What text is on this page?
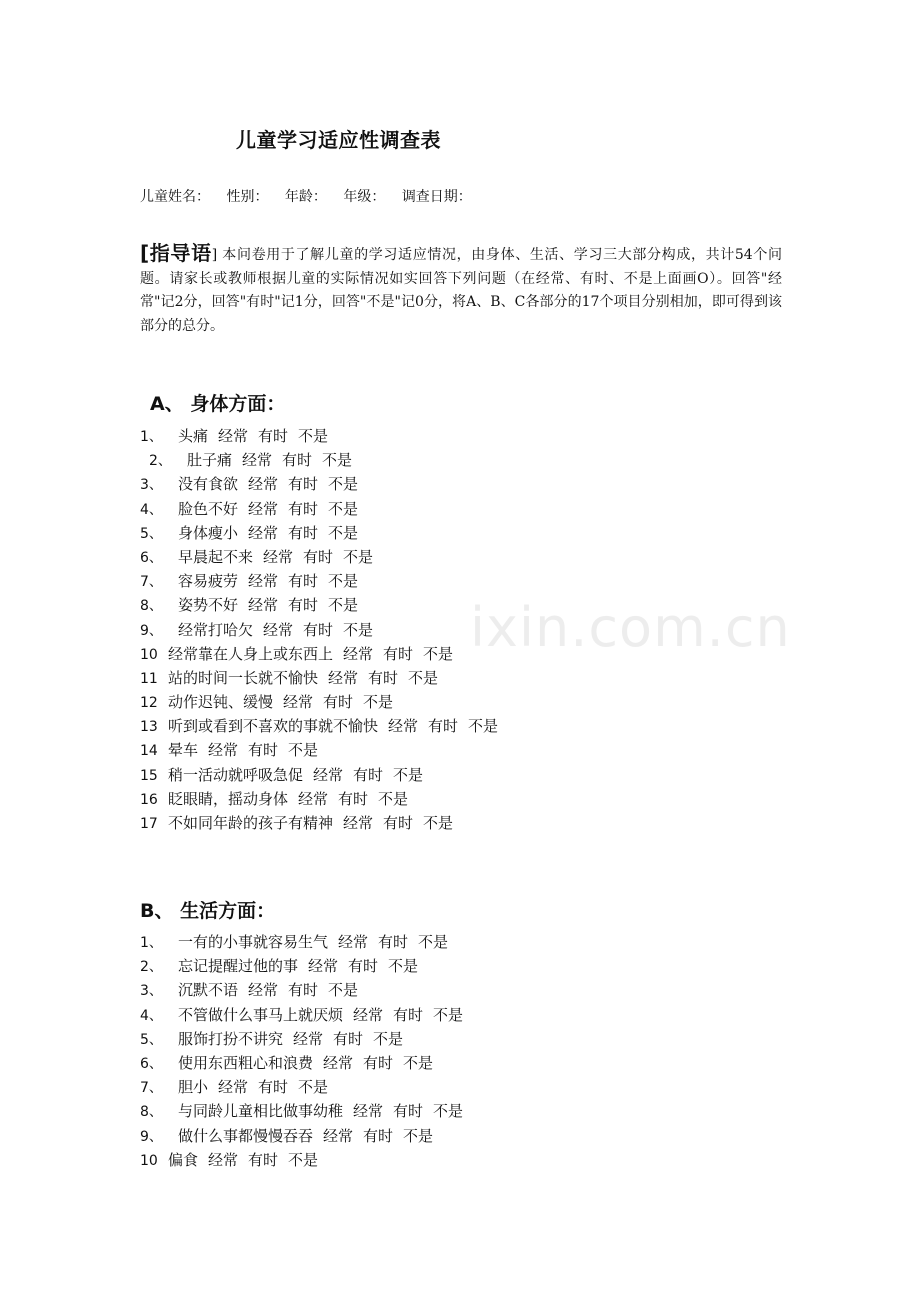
ixin.com.cn
儿童学习适应性调查表
儿童姓名： 性别： 年龄： 年级： 调查日期：

[指导语] 本问卷用于了解儿童的学习适应情况，由身体、生活、学习三大部分构成，共计54个问题。请家长或教师根据儿童的实际情况如实回答下列问题（在经常、有时、不是上面画O）。回答"经常"记2分，回答"有时"记1分，回答"不是"记0分，将A、B、C各部分的17个项目分别相加，即可得到该部分的总分。

A、 身体方面：
1、 头痛 经常 有时 不是
2、 肚子痛 经常 有时 不是
3、 没有食欲 经常 有时 不是
4、 脸色不好 经常 有时 不是
5、 身体瘦小 经常 有时 不是
6、 早晨起不来 经常 有时 不是
7、 容易疲劳 经常 有时 不是
8、 姿势不好 经常 有时 不是
9、 经常打哈欠 经常 有时 不是
10 经常靠在人身上或东西上 经常 有时 不是
11 站的时间一长就不愉快 经常 有时 不是
12 动作迟钝、缓慢 经常 有时 不是
13 听到或看到不喜欢的事就不愉快 经常 有时 不是
14 晕车 经常 有时 不是
15 稍一活动就呼吸急促 经常 有时 不是
16 眨眼睛，摇动身体 经常 有时 不是
17 不如同年龄的孩子有精神 经常 有时 不是
B、 生活方面：
1、 一有的小事就容易生气 经常 有时 不是
2、 忘记提醒过他的事 经常 有时 不是
3、 沉默不语 经常 有时 不是
4、 不管做什么事马上就厌烦 经常 有时 不是
5、 服饰打扮不讲究 经常 有时 不是
6、 使用东西粗心和浪费 经常 有时 不是
7、 胆小 经常 有时 不是
8、 与同龄儿童相比做事幼稚 经常 有时 不是
9、 做什么事都慢慢吞吞 经常 有时 不是
10 偏食 经常 有时 不是
